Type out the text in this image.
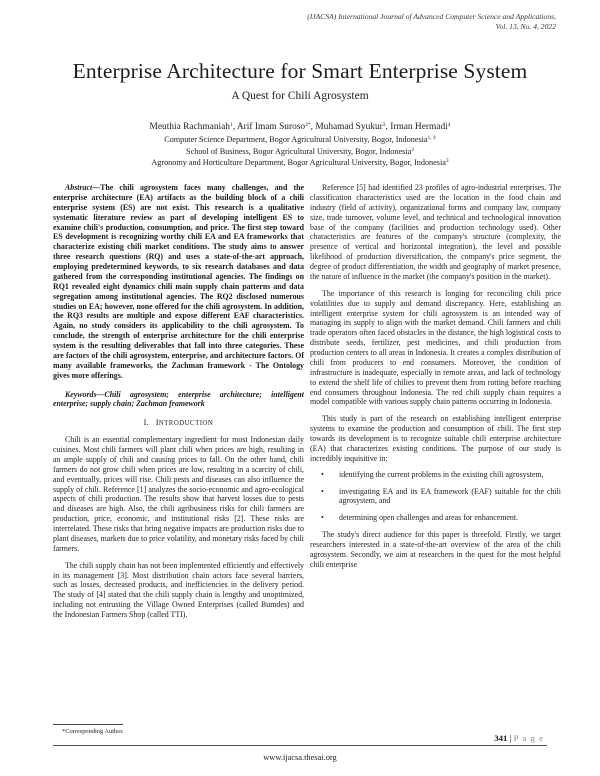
(IJACSA) International Journal of Advanced Computer Science and Applications,
Vol. 13, No. 4, 2022
Enterprise Architecture for Smart Enterprise System
A Quest for Chili Agrosystem
Meuthia Rachmaniah$^1$, Arif Imam Suroso$^{2*}$, Muhamad Syukur$^3$, Irman Hermadi$^4$
Computer Science Department, Bogor Agricultural University, Bogor, Indonesia$^{1, 4}$
School of Business, Bogor Agricultural University, Bogor, Indonesia$^2$
Agronomy and Horticulture Department, Bogor Agricultural University, Bogor, Indonesia$^3$

Abstract—The chili agrosystem faces many challenges, and the enterprise architecture (EA) artifacts as the building block of a chili enterprise system (ES) are not exist. This research is a qualitative systematic literature review as part of developing intelligent ES to examine chili's production, consumption, and price. The first step toward ES development is recognizing worthy chili EA and EA frameworks that characterize existing chili market conditions. The study aims to answer three research questions (RQ) and uses a state-of-the-art approach, employing predetermined keywords, to six research databases and data gathered from the corresponding institutional agencies. The findings on RQ1 revealed eight dynamics chili main supply chain patterns and data segregation among institutional agencies. The RQ2 disclosed numerous studies on EA; however, none offered for the chili agrosystem. In addition, the RQ3 results are multiple and expose different EAF characteristics. Again, no study considers its applicability to the chili agrosystem. To conclude, the strength of enterprise architecture for the chili enterprise system is the resulting deliverables that fall into three categories. These are factors of the chili agrosystem, enterprise, and architecture factors. Of many available frameworks, the Zachman framework - The Ontology gives more offerings.

Keywords—Chili agrosystem; enterprise architecture; intelligent enterprise; supply chain; Zachman framework

I. INTRODUCTION

Chili is an essential complementary ingredient for most Indonesian daily cuisines. Most chili farmers will plant chili when prices are high, resulting in an ample supply of chili and causing prices to fall. On the other hand, chili farmers do not grow chili when prices are low, resulting in a scarcity of chili, and eventually, prices will rise. Chili pests and diseases can also influence the supply of chili. Reference [1] analyzes the socio-economic and agro-ecological aspects of chili production. The results show that harvest losses due to pests and diseases are high. Also, the chili agribusiness risks for chili farmers are production, price, economic, and institutional risks [2]. These risks are interrelated. These risks that bring negative impacts are production risks due to plant diseases, markets due to price volatility, and monetary risks faced by chili farmers.

The chili supply chain has not been implemented efficiently and effectively in its management [3]. Most distribution chain actors face several barriers, such as losses, decreased products, and inefficiencies in the delivery period. The study of [4] stated that the chili supply chain is lengthy and unoptimized, including not entrusting the Village Owned Enterprises (called Bumdes) and the Indonesian Farmers Shop (called TTI).

Reference [5] had identified 23 profiles of agro-industrial enterprises. The classification characteristics used are the location in the food chain and industry (field of activity), organizational forms and company law, company size, trade turnover, volume level, and technical and technological innovation base of the company (facilities and production technology used). Other characteristics are features of the company's structure (complexity, the presence of vertical and horizontal integration), the level and possible likelihood of production diversification, the company's price segment, the degree of product differentiation, the width and geography of market presence, the nature of influence in the market (the company's position in the market).

The importance of this research is longing for reconciling chili price volatilities due to supply and demand discrepancy. Here, establishing an intelligent enterprise system for chili agrosystem is an intended way of managing its supply to align with the market demand. Chili farmers and chili trade operators often faced obstacles in the distance, the high logistical costs to distribute seeds, fertilizer, pest medicines, and chili production from production centers to all areas in Indonesia. It creates a complex distribution of chili from producers to end consumers. Moreover, the condition of infrastructure is inadequate, especially in remote areas, and lack of technology to extend the shelf life of chilies to prevent them from rotting before reaching end consumers throughout Indonesia. The red chili supply chain requires a model compatible with various supply chain patterns occurring in Indonesia.

This study is part of the research on establishing intelligent enterprise systems to examine the production and consumption of chili. The first step towards its development is to recognize suitable chili enterprise architecture (EA) that characterizes existing conditions. The purpose of our study is incredibly inquisitive in:

• identifying the current problems in the existing chili agrosystem,
• investigating EA and its EA framework (EAF) suitable for the chili agrosystem, and
• determining open challenges and areas for enhancement.

The study's direct audience for this paper is threefold. Firstly, we target researchers interested in a state-of-the-art overview of the area of the chili agrosystem. Secondly, we aim at researchers in the quest for the most helpful chili enterprise

*Corresponding Author.
341 | P a g e
www.ijacsa.thesai.org
